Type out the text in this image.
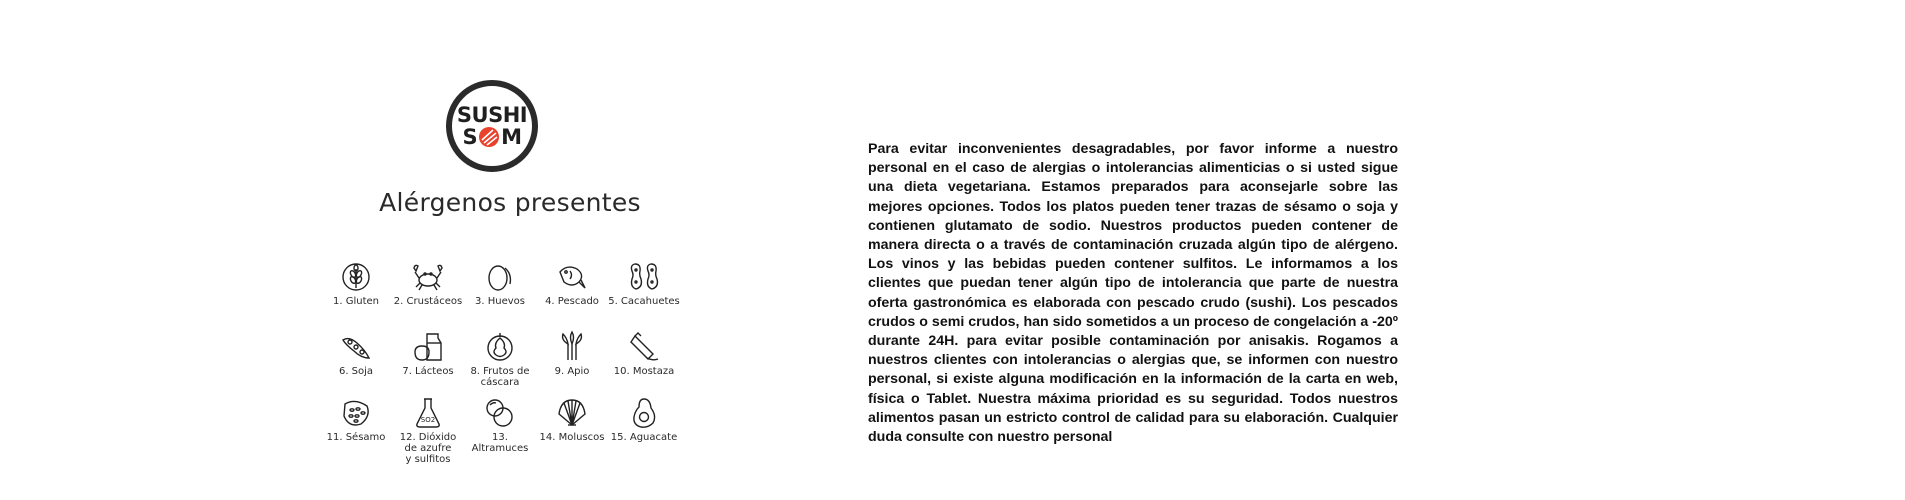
SUSHI
S M
Alérgenos presentes
1. Gluten 2. Crustáceos 3. Huevos 4. Pescado 5. Cacahuetes
6. Soja	7. Lácteos 8. Frutos de
cáscara
9. Apio 10. Mostaza
11. Sésamo
SO2
12. Dióxido
de azufre
y sulfitos
13. Altramuces
14. Moluscos 15. Aguacate
Para evitar inconvenientes desagradables, por favor informe a nuestro personal en el caso de alergias o intolerancias alimenticias o si usted sigue una dieta vegetariana. Estamos preparados para aconsejarle sobre las mejores opciones. Todos los platos pueden tener trazas de sésamo o soja y contienen glutamato de sodio. Nuestros productos pueden contener de manera directa o a través de contaminación cruzada algún tipo de alérgeno. Los vinos y las bebidas pueden contener sulfitos. Le informamos a los clientes que puedan tener algún tipo de intolerancia que parte de nuestra oferta gastronómica es elaborada con pescado crudo (sushi). Los pescados crudos o semi crudos, han sido sometidos a un proceso de congelación a -20º durante 24H. para evitar posible contaminación por anisakis. Rogamos a nuestros clientes con intolerancias o alergias que, se informen con nuestro personal, si existe alguna modificación en la información de la carta en web, física o Tablet. Nuestra máxima prioridad es su seguridad. Todos nuestros alimentos pasan un estricto control de calidad para su elaboración. Cualquier duda consulte con nuestro personal
